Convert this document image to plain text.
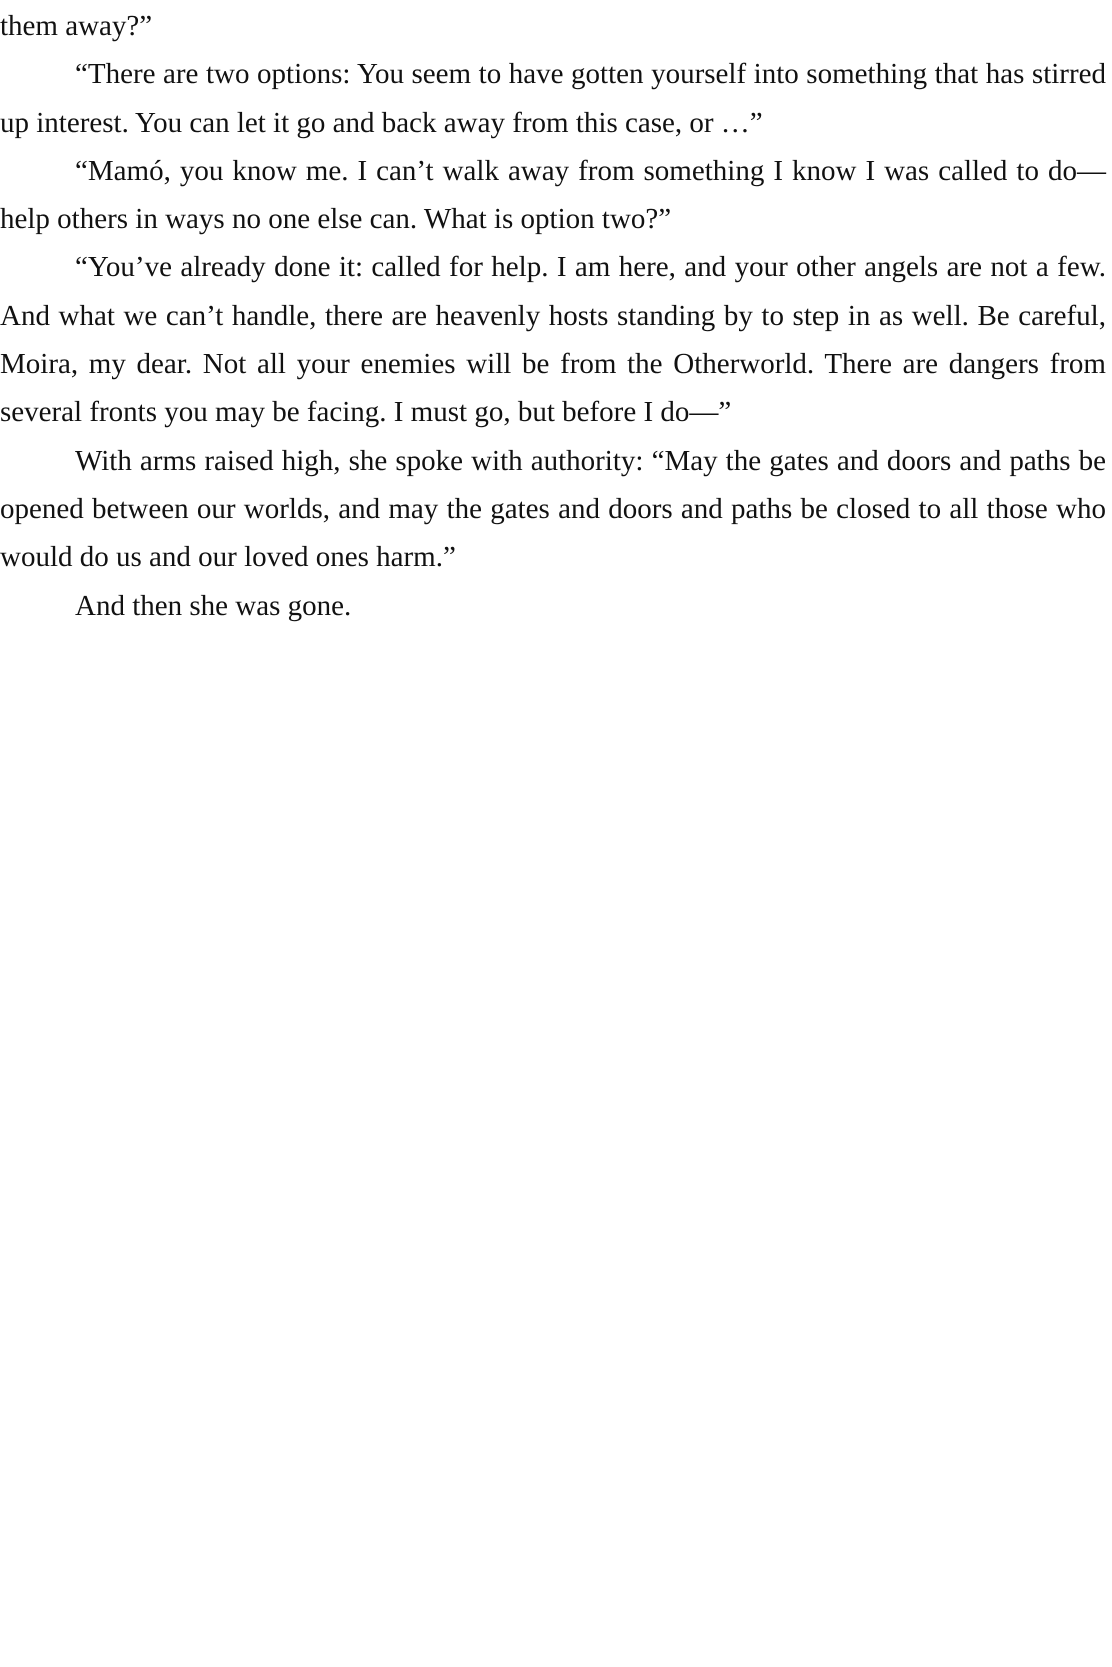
them away?”

“There are two options: You seem to have gotten yourself into something that has stirred up interest. You can let it go and back away from this case, or …”

“Mamó, you know me. I can’t walk away from something I know I was called to do—help others in ways no one else can. What is option two?”

“You’ve already done it: called for help. I am here, and your other angels are not a few. And what we can’t handle, there are heavenly hosts standing by to step in as well. Be careful, Moira, my dear. Not all your enemies will be from the Otherworld. There are dangers from several fronts you may be facing. I must go, but before I do—”

With arms raised high, she spoke with authority: “May the gates and doors and paths be opened between our worlds, and may the gates and doors and paths be closed to all those who would do us and our loved ones harm.”

And then she was gone.
